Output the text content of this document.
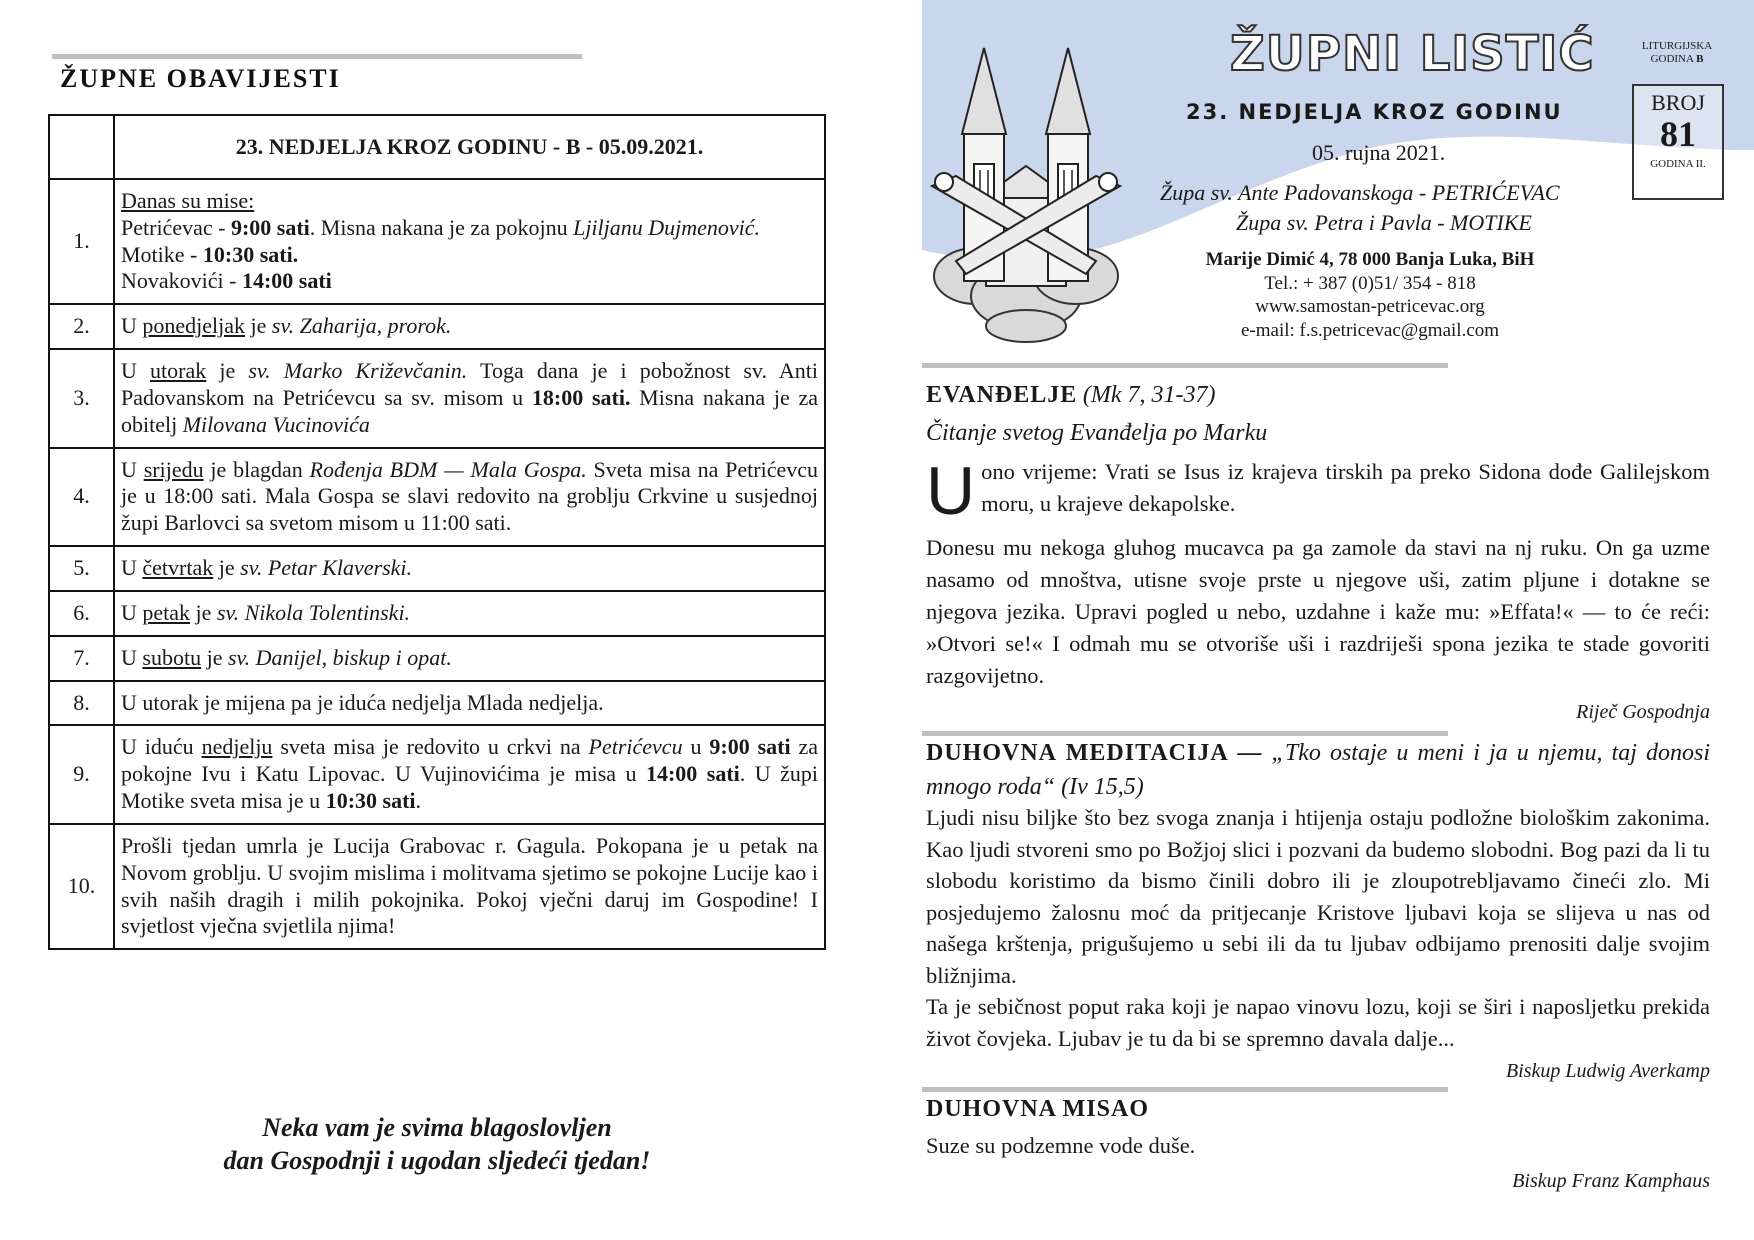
ŽUPNE OBAVIJESTI
	23. NEDJELJA KROZ GODINU - B - 05.09.2021.
1.	Danas su mise:
Petrićevac - 9:00 sati. Misna nakana je za pokojnu Ljiljanu Dujmenović.
Motike - 10:30 sati.
Novakovići - 14:00 sati

2.	U ponedjeljak je sv. Zaharija, prorok.

3.	U utorak je sv. Marko Križevčanin. Toga dana je i pobožnost sv. Anti Padovanskom na Petrićevcu sa sv. misom u 18:00 sati. Misna nakana je za obitelj Milovana Vucinovića

4.	U srijedu je blagdan Rođenja BDM — Mala Gospa. Sveta misa na Petrićevcu je u 18:00 sati. Mala Gospa se slavi redovito na groblju Crkvine u susjednoj župi Barlovci sa svetom misom u 11:00 sati.

5.	U četvrtak je sv. Petar Klaverski.

6.	U petak je sv. Nikola Tolentinski.

7.	U subotu je sv. Danijel, biskup i opat.

8.	U utorak je mijena pa je iduća nedjelja Mlada nedjelja.

9.	U iduću nedjelju sveta misa je redovito u crkvi na Petrićevcu u 9:00 sati za pokojne Ivu i Katu Lipovac. U Vujinovićima je misa u 14:00 sati. U župi Motike sveta misa je u 10:30 sati.

10.	Prošli tjedan umrla je Lucija Grabovac r. Gagula. Pokopana je u petak na Novom groblju. U svojim mislima i molitvama sjetimo se pokojne Lucije kao i svih naših dragih i milih pokojnika. Pokoj vječni daruj im Gospodine! I svjetlost vječna svjetlila njima!
Neka vam je svima blagoslovljen
dan Gospodnji i ugodan sljedeći tjedan!
ŽUPNI LISTIĆ	LITURGIJSKA
GODINA B
BROJ
81
GODINA II.
23. NEDJELJA KROZ GODINU
05. rujna 2021.
Župa sv. Ante Padovanskoga - PETRIĆEVAC
Župa sv. Petra i Pavla - MOTIKE
Marije Dimić 4, 78 000 Banja Luka, BiH
Tel.: + 387 (0)51/ 354 - 818
www.samostan-petricevac.org
e-mail: f.s.petricevac@gmail.com
EVANĐELJE (Mk 7, 31-37)
Čitanje svetog Evanđelja po Marku
U ono vrijeme: Vrati se Isus iz krajeva tirskih pa preko Sidona dođe Galilejskom moru, u krajeve dekapolske.
Donesu mu nekoga gluhog mucavca pa ga zamole da stavi na nj ruku. On ga uzme nasamo od mnoštva, utisne svoje prste u njegove uši, zatim pljune i dotakne se njegova jezika. Upravi pogled u nebo, uzdahne i kaže mu: »Effata!« — to će reći: »Otvori se!« I odmah mu se otvoriše uši i razdriješi spona jezika te stade govoriti razgovijetno.
Riječ Gospodnja
DUHOVNA MEDITACIJA — „Tko ostaje u meni i ja u njemu, taj donosi mnogo roda“ (Iv 15,5)
Ljudi nisu biljke što bez svoga znanja i htijenja ostaju podložne biološkim zakonima. Kao ljudi stvoreni smo po Božjoj slici i pozvani da budemo slobodni. Bog pazi da li tu slobodu koristimo da bismo činili dobro ili je zloupotrebljavamo čineći zlo. Mi posjedujemo žalosnu moć da pritjecanje Kristove ljubavi koja se slijeva u nas od našega krštenja, prigušujemo u sebi ili da tu ljubav odbijamo prenositi dalje svojim bližnjima.
Ta je sebičnost poput raka koji je napao vinovu lozu, koji se širi i naposljetku prekida život čovjeka. Ljubav je tu da bi se spremno davala dalje...
Biskup Ludwig Averkamp
DUHOVNA MISAO
Suze su podzemne vode duše.
Biskup Franz Kamphaus
